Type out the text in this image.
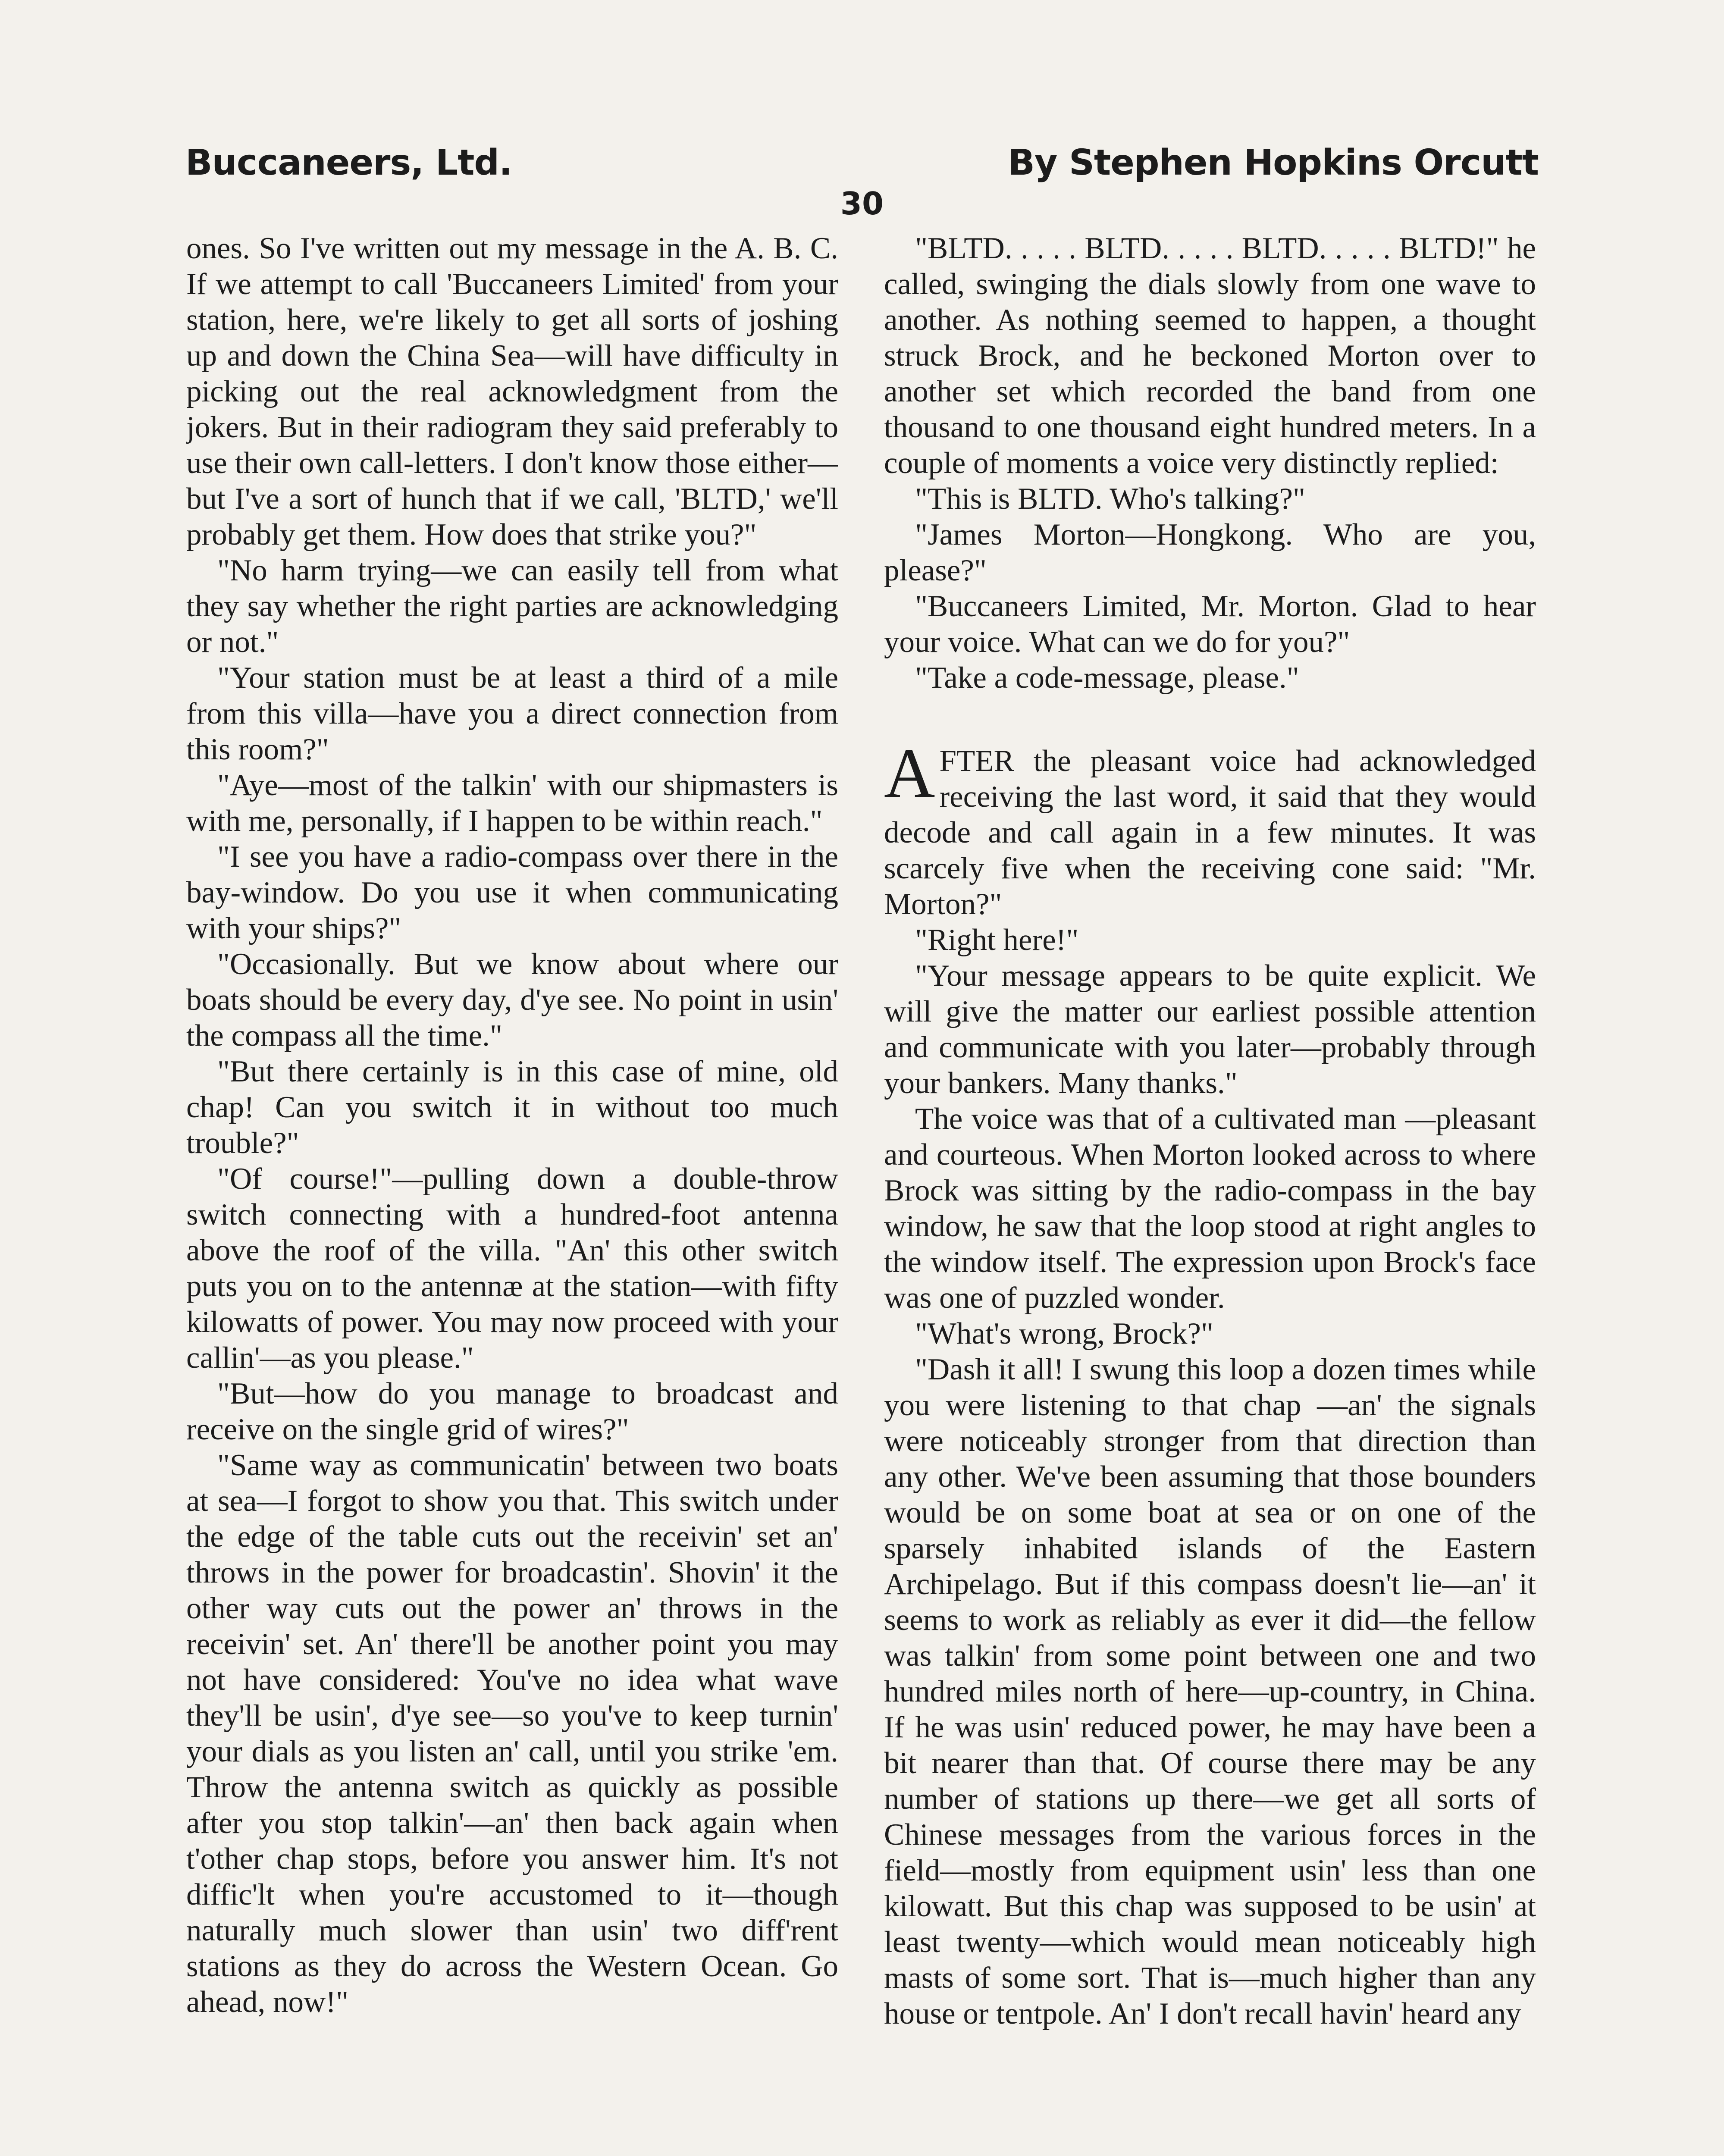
Buccaneers, Ltd.	By Stephen Hopkins Orcutt
30

ones. So I've written out my message in the A. B. C. If we attempt to call 'Buccaneers Limited' from your station, here, we're likely to get all sorts of joshing up and down the China Sea—will have difficulty in picking out the real acknowledgment from the jokers. But in their radiogram they said preferably to use their own call-letters. I don't know those either—but I've a sort of hunch that if we call, 'BLTD,' we'll probably get them. How does that strike you?"

"No harm trying—we can easily tell from what they say whether the right parties are acknowledging or not."

"Your station must be at least a third of a mile from this villa—have you a direct connection from this room?"

"Aye—most of the talkin' with our shipmasters is with me, personally, if I happen to be within reach."

"I see you have a radio-compass over there in the bay-window. Do you use it when communicating with your ships?"

"Occasionally. But we know about where our boats should be every day, d'ye see. No point in usin' the compass all the time."

"But there certainly is in this case of mine, old chap! Can you switch it in without too much trouble?"

"Of course!"—pulling down a double-throw switch connecting with a hundred-foot antenna above the roof of the villa. "An' this other switch puts you on to the antennæ at the station—with fifty kilowatts of power. You may now proceed with your callin'—as you please."

"But—how do you manage to broadcast and receive on the single grid of wires?"

"Same way as communicatin' between two boats at sea—I forgot to show you that. This switch under the edge of the table cuts out the receivin' set an' throws in the power for broadcastin'. Shovin' it the other way cuts out the power an' throws in the receivin' set. An' there'll be another point you may not have considered: You've no idea what wave they'll be usin', d'ye see—so you've to keep turnin' your dials as you listen an' call, until you strike 'em. Throw the antenna switch as quickly as possible after you stop talkin'—an' then back again when t'other chap stops, before you answer him. It's not diffic'lt when you're accustomed to it—though naturally much slower than usin' two diff'rent stations as they do across the Western Ocean. Go ahead, now!"

"BLTD. . . . . BLTD. . . . . BLTD. . . . . BLTD!" he called, swinging the dials slowly from one wave to another. As nothing seemed to happen, a thought struck Brock, and he beckoned Morton over to another set which recorded the band from one thousand to one thousand eight hundred meters. In a couple of moments a voice very distinctly replied:

"This is BLTD. Who's talking?"

"James Morton—Hongkong. Who are you, please?"

"Buccaneers Limited, Mr. Morton. Glad to hear your voice. What can we do for you?"

"Take a code-message, please."

AFTER the pleasant voice had acknowledged receiving the last word, it said that they would decode and call again in a few minutes. It was scarcely five when the receiving cone said: "Mr. Morton?"

"Right here!"

"Your message appears to be quite explicit. We will give the matter our earliest possible attention and communicate with you later—probably through your bankers. Many thanks."

The voice was that of a cultivated man —pleasant and courteous. When Morton looked across to where Brock was sitting by the radio-compass in the bay window, he saw that the loop stood at right angles to the window itself. The expression upon Brock's face was one of puzzled wonder.

"What's wrong, Brock?"

"Dash it all! I swung this loop a dozen times while you were listening to that chap —an' the signals were noticeably stronger from that direction than any other. We've been assuming that those bounders would be on some boat at sea or on one of the sparsely inhabited islands of the Eastern Archipelago. But if this compass doesn't lie—an' it seems to work as reliably as ever it did—the fellow was talkin' from some point between one and two hundred miles north of here—up-country, in China. If he was usin' reduced power, he may have been a bit nearer than that. Of course there may be any number of stations up there—we get all sorts of Chinese messages from the various forces in the field—mostly from equipment usin' less than one kilowatt. But this chap was supposed to be usin' at least twenty—which would mean noticeably high masts of some sort. That is—much higher than any house or tentpole. An' I don't recall havin' heard any
